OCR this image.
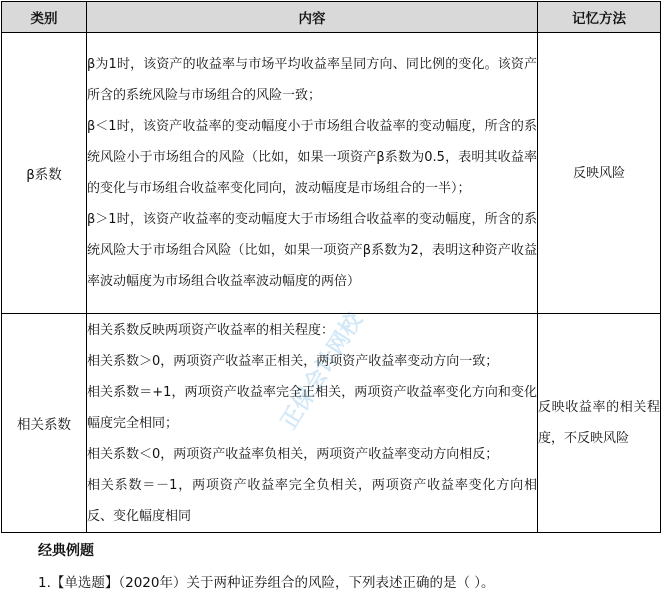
正保会计网校
类别	内容	记忆方法
β系数	β为1时，该资产的收益率与市场平均收益率呈同方向、同比例的变化。该资产所含的系统风险与市场组合的风险一致；

β＜1时，该资产收益率的变动幅度小于市场组合收益率的变动幅度，所含的系统风险小于市场组合的风险（比如，如果一项资产β系数为0.5，表明其收益率的变化与市场组合收益率变化同向，波动幅度是市场组合的一半）；

β＞1时，该资产收益率的变动幅度大于市场组合收益率的变动幅度，所含的系统风险大于市场组合风险（比如，如果一项资产β系数为2，表明这种资产收益率波动幅度为市场组合收益率波动幅度的两倍）	反映风险
相关系数	相关系数反映两项资产收益率的相关程度：

相关系数＞0，两项资产收益率正相关，两项资产收益率变动方向一致；

相关系数＝+1，两项资产收益率完全正相关，两项资产收益率变化方向和变化幅度完全相同；

相关系数＜0，两项资产收益率负相关，两项资产收益率变动方向相反；

相关系数＝－1，两项资产收益率完全负相关，两项资产收益率变化方向相反、变化幅度相同	反映收益率的相关程度，不反映风险
经典例题
1.【单选题】（2020年）关于两种证券组合的风险，下列表述正确的是（ ）。
